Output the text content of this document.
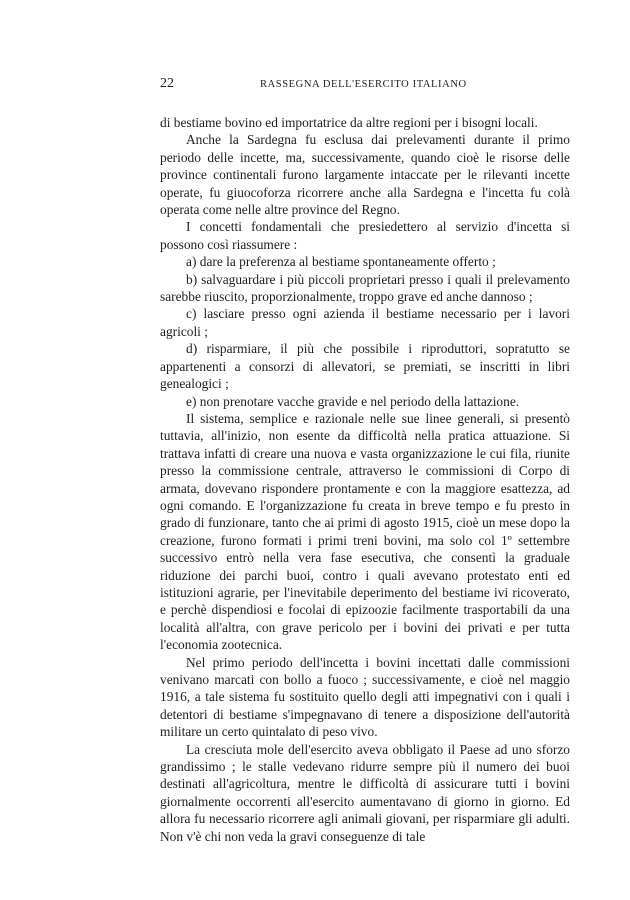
22	RASSEGNA DELL'ESERCITO ITALIANO

di bestiame bovino ed importatrice da altre regioni per i bisogni locali.

Anche la Sardegna fu esclusa dai prelevamenti durante il primo periodo delle incette, ma, successivamente, quando cioè le risorse delle province continentali furono largamente intaccate per le rilevanti incette operate, fu giuocoforza ricorrere anche alla Sardegna e l'incetta fu colà operata come nelle altre province del Regno.

I concetti fondamentali che presiedettero al servizio d'incetta si possono così riassumere :

a) dare la preferenza al bestiame spontaneamente offerto ;

b) salvaguardare i più piccoli proprietari presso i quali il prelevamento sarebbe riuscito, proporzionalmente, troppo grave ed anche dannoso ;

c) lasciare presso ogni azienda il bestiame necessario per i lavori agricoli ;

d) risparmiare, il più che possibile i riproduttori, sopratutto se appartenenti a consorzi di allevatori, se premiati, se inscritti in libri genealogici ;

e) non prenotare vacche gravide e nel periodo della lattazione.

Il sistema, semplice e razionale nelle sue linee generali, si presentò tuttavia, all'inizio, non esente da difficoltà nella pratica attuazione. Si trattava infatti di creare una nuova e vasta organizzazione le cui fila, riunite presso la commissione centrale, attraverso le commissioni di Corpo di armata, dovevano rispondere prontamente e con la maggiore esattezza, ad ogni comando. E l'organizzazione fu creata in breve tempo e fu presto in grado di funzionare, tanto che ai primi di agosto 1915, cioè un mese dopo la creazione, furono formati i primi treni bovini, ma solo col 1º settembre successivo entrò nella vera fase esecutiva, che consentì la graduale riduzione dei parchi buoi, contro i quali avevano protestato enti ed istituzioni agrarie, per l'inevitabile deperimento del bestiame ivi ricoverato, e perchè dispendiosi e focolai di epizoozie facilmente trasportabili da una località all'altra, con grave pericolo per i bovini dei privati e per tutta l'economia zootecnica.

Nel primo periodo dell'incetta i bovini incettati dalle commissioni venivano marcati con bollo a fuoco ; successivamente, e cioè nel maggio 1916, a tale sistema fu sostituito quello degli atti impegnativi con i quali i detentori di bestiame s'impegnavano di tenere a disposizione dell'autorità militare un certo quintalato di peso vivo.

La cresciuta mole dell'esercito aveva obbligato il Paese ad uno sforzo grandissimo ; le stalle vedevano ridurre sempre più il numero dei buoi destinati all'agricoltura, mentre le difficoltà di assicurare tutti i bovini giornalmente occorrenti all'esercito aumentavano di giorno in giorno. Ed allora fu necessario ricorrere agli animali giovani, per risparmiare gli adulti. Non v'è chi non veda la gravi conseguenze di tale
